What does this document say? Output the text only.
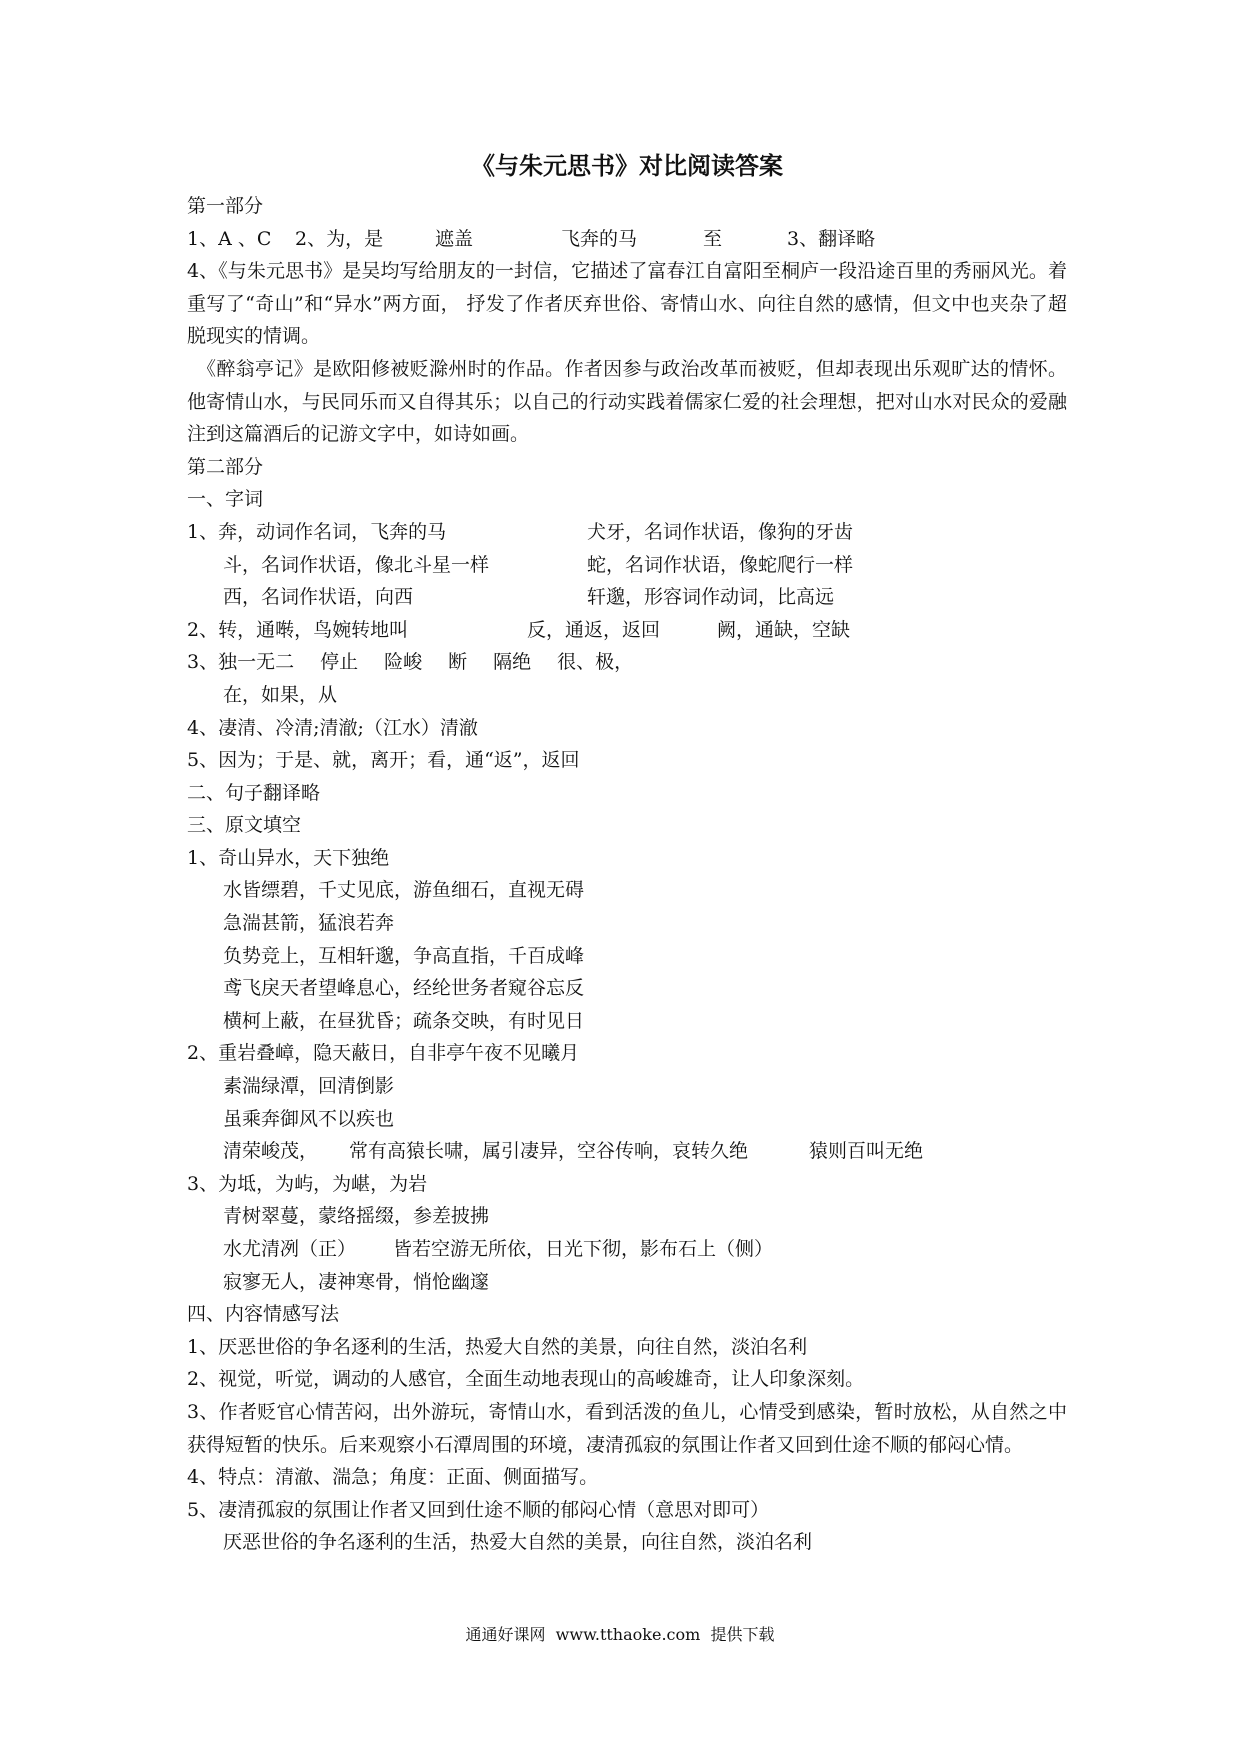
《与朱元思书》对比阅读答案
第一部分
1、A 、C 2、为，是	遮盖	飞奔的马	至	3、翻译略
4、《与朱元思书》是吴均写给朋友的一封信，它描述了富春江自富阳至桐庐一段沿途百里的秀丽风光。着重写了“奇山”和“异水”两方面， 抒发了作者厌弃世俗、寄情山水、向往自然的感情，但文中也夹杂了超脱现实的情调。
《醉翁亭记》是欧阳修被贬滁州时的作品。作者因参与政治改革而被贬，但却表现出乐观旷达的情怀。他寄情山水，与民同乐而又自得其乐；以自己的行动实践着儒家仁爱的社会理想，把对山水对民众的爱融注到这篇酒后的记游文字中，如诗如画。
第二部分
一、字词
1、奔，动词作名词，飞奔的马	犬牙，名词作状语，像狗的牙齿
斗，名词作状语，像北斗星一样	蛇，名词作状语，像蛇爬行一样
西，名词作状语，向西	轩邈，形容词作动词，比高远
2、转，通啭，鸟婉转地叫	反，通返，返回	阙，通缺，空缺
3、独一无二 停止 险峻 断 隔绝 很、极，
在，如果，从
4、凄清、冷清;清澈;（江水）清澈
5、因为；于是、就，离开；看，通“返”，返回
二、句子翻译略
三、原文填空
1、奇山异水，天下独绝
水皆缥碧，千丈见底，游鱼细石，直视无碍
急湍甚箭，猛浪若奔
负势竞上，互相轩邈，争高直指，千百成峰
鸢飞戾天者望峰息心，经纶世务者窥谷忘反
横柯上蔽，在昼犹昏；疏条交映，有时见日
2、重岩叠嶂，隐天蔽日，自非亭午夜不见曦月
素湍绿潭，回清倒影
虽乘奔御风不以疾也
清荣峻茂， 常有高猿长啸，属引凄异，空谷传响，哀转久绝	猿则百叫无绝
3、为坻，为屿，为嵁，为岩
青树翠蔓，蒙络摇缀，参差披拂
水尤清冽（正） 皆若空游无所依，日光下彻，影布石上（侧）
寂寥无人，凄神寒骨，悄怆幽邃
四、内容情感写法
1、厌恶世俗的争名逐利的生活，热爱大自然的美景，向往自然，淡泊名利
2、视觉，听觉，调动的人感官，全面生动地表现山的高峻雄奇，让人印象深刻。
3、作者贬官心情苦闷，出外游玩，寄情山水，看到活泼的鱼儿，心情受到感染，暂时放松，从自然之中获得短暂的快乐。后来观察小石潭周围的环境，凄清孤寂的氛围让作者又回到仕途不顺的郁闷心情。
4、特点：清澈、湍急；角度：正面、侧面描写。
5、凄清孤寂的氛围让作者又回到仕途不顺的郁闷心情（意思对即可）
厌恶世俗的争名逐利的生活，热爱大自然的美景，向往自然，淡泊名利
通通好课网  www.tthaoke.com  提供下载
